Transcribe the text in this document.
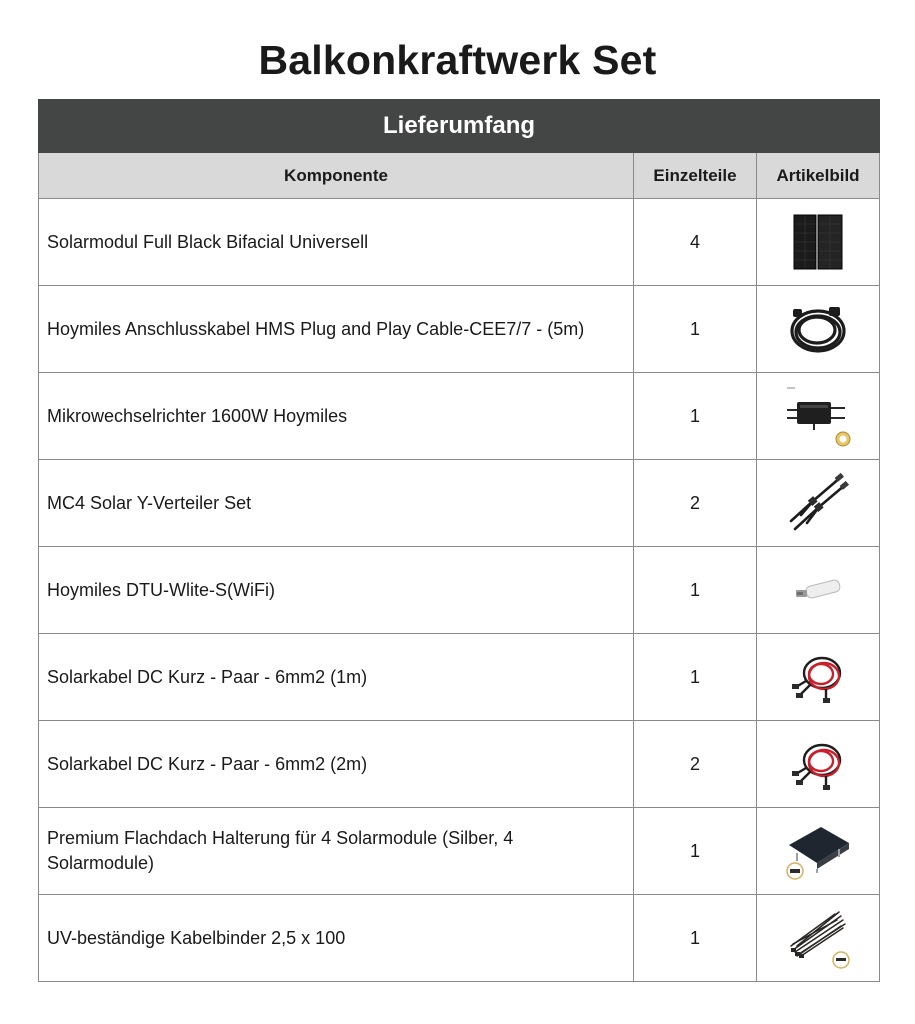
Balkonkraftwerk Set
Lieferumfang		
Komponente	Einzelteile	Artikelbild
Solarmodul Full Black Bifacial Universell	4	

Hoymiles Anschlusskabel HMS Plug and Play Cable-CEE7/7 - (5m)	1	

Mikrowechselrichter 1600W Hoymiles	1	

MC4 Solar Y-Verteiler Set	2	

Hoymiles DTU-Wlite-S(WiFi)	1	

Solarkabel DC Kurz - Paar - 6mm2 (1m)	1	

Solarkabel DC Kurz - Paar - 6mm2 (2m)	2	

Premium Flachdach Halterung für 4 Solarmodule (Silber, 4 Solarmodule)	1	

UV-beständige Kabelbinder 2,5 x 100	1	
